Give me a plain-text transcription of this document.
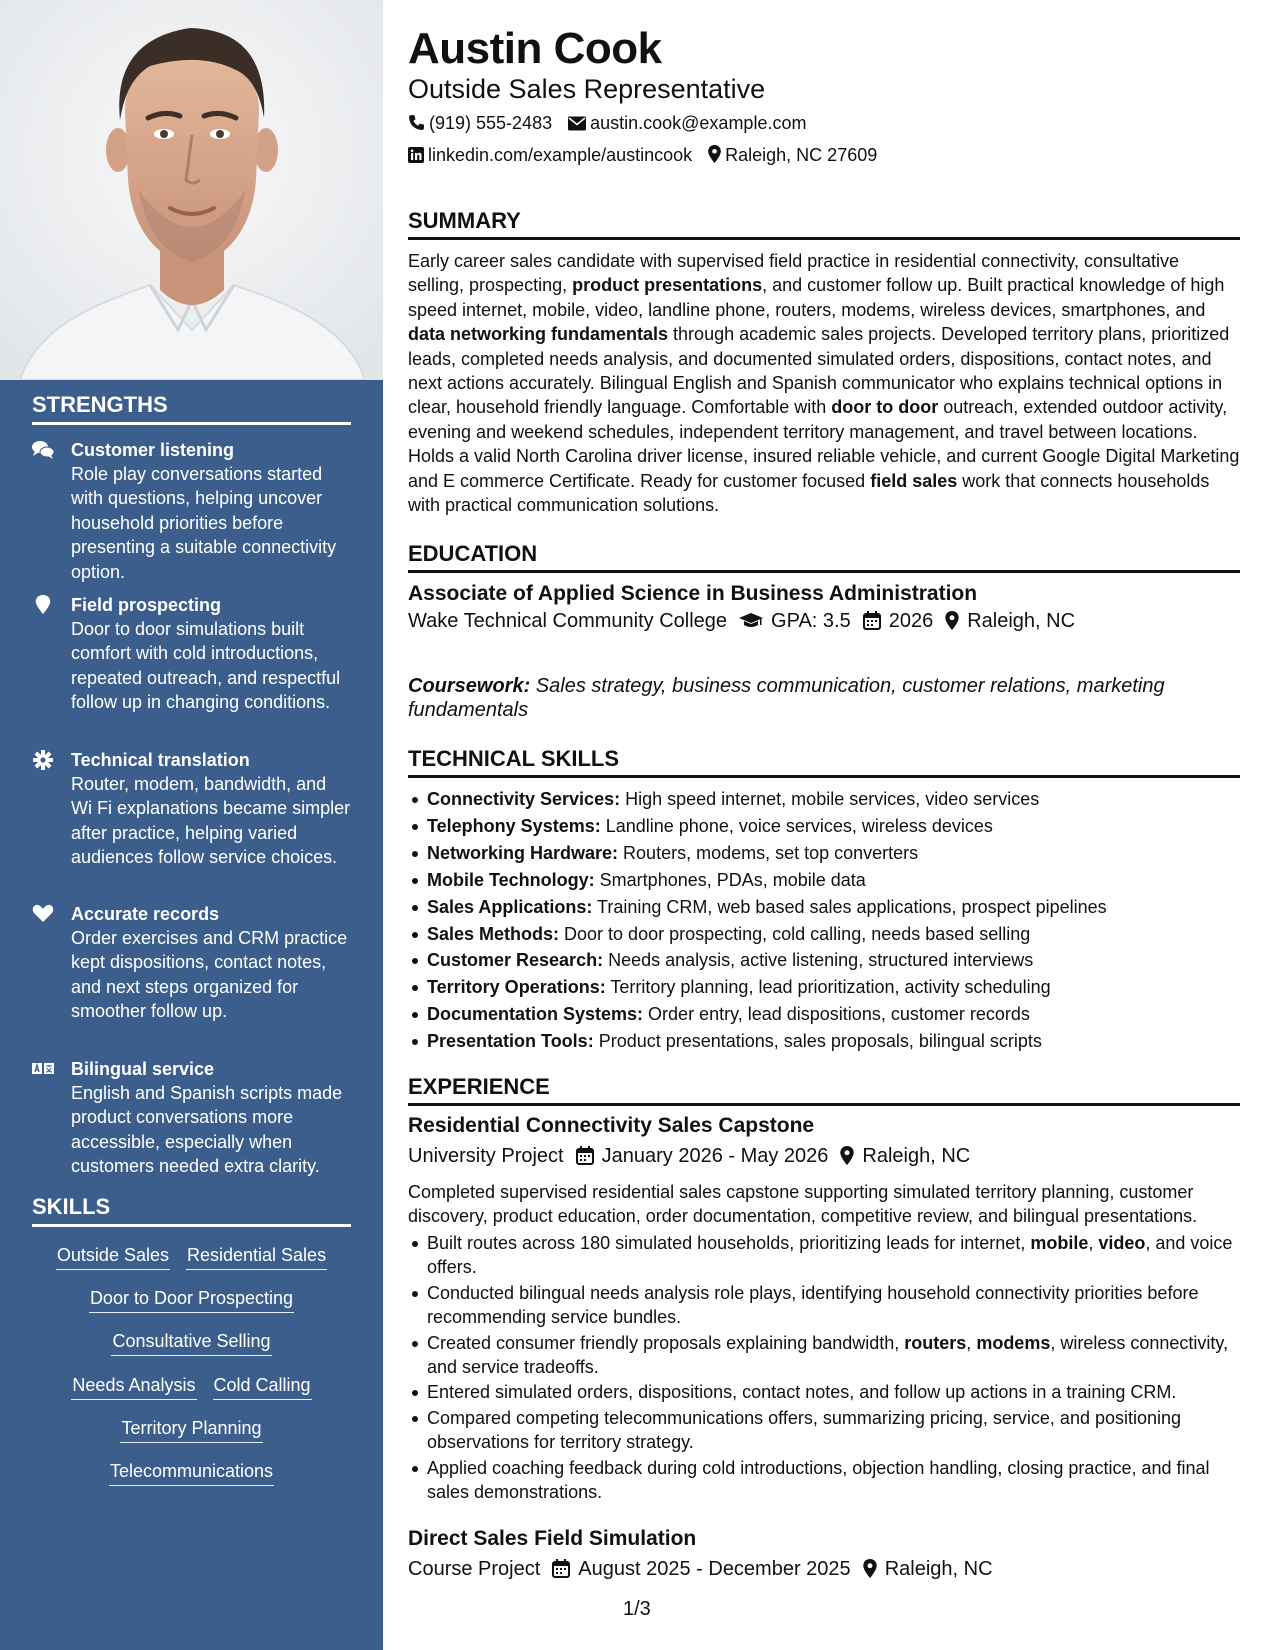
STRENGTHS
Customer listening
Role play conversations started with questions, helping uncover household priorities before presenting a suitable connectivity option.
Field prospecting
Door to door simulations built comfort with cold introductions, repeated outreach, and respectful follow up in changing conditions.
Technical translation
Router, modem, bandwidth, and Wi Fi explanations became simpler after practice, helping varied audiences follow service choices.
Accurate records
Order exercises and CRM practice kept dispositions, contact notes, and next steps organized for smoother follow up.
Bilingual service
English and Spanish scripts made product conversations more accessible, especially when customers needed extra clarity.
SKILLS
Outside Sales Residential Sales
Door to Door Prospecting
Consultative Selling
Needs Analysis Cold Calling
Territory Planning
Telecommunications
Austin Cook
Outside Sales Representative
(919) 555-2483 austin.cook@example.com
linkedin.com/example/austincook Raleigh, NC 27609
SUMMARY
Early career sales candidate with supervised field practice in residential connectivity, consultative selling, prospecting, product presentations, and customer follow up. Built practical knowledge of high speed internet, mobile, video, landline phone, routers, modems, wireless devices, smartphones, and data networking fundamentals through academic sales projects. Developed territory plans, prioritized leads, completed needs analysis, and documented simulated orders, dispositions, contact notes, and next actions accurately. Bilingual English and Spanish communicator who explains technical options in clear, household friendly language. Comfortable with door to door outreach, extended outdoor activity, evening and weekend schedules, independent territory management, and travel between locations. Holds a valid North Carolina driver license, insured reliable vehicle, and current Google Digital Marketing and E commerce Certificate. Ready for customer focused field sales work that connects households with practical communication solutions.
EDUCATION
Associate of Applied Science in Business Administration
Wake Technical Community College GPA: 3.5 2026 Raleigh, NC
Coursework: Sales strategy, business communication, customer relations, marketing fundamentals
TECHNICAL SKILLS
Connectivity Services: High speed internet, mobile services, video services
Telephony Systems: Landline phone, voice services, wireless devices
Networking Hardware: Routers, modems, set top converters
Mobile Technology: Smartphones, PDAs, mobile data
Sales Applications: Training CRM, web based sales applications, prospect pipelines
Sales Methods: Door to door prospecting, cold calling, needs based selling
Customer Research: Needs analysis, active listening, structured interviews
Territory Operations: Territory planning, lead prioritization, activity scheduling
Documentation Systems: Order entry, lead dispositions, customer records
Presentation Tools: Product presentations, sales proposals, bilingual scripts
EXPERIENCE
Residential Connectivity Sales Capstone
University Project January 2026 - May 2026 Raleigh, NC
Completed supervised residential sales capstone supporting simulated territory planning, customer discovery, product education, order documentation, competitive review, and bilingual presentations.
Built routes across 180 simulated households, prioritizing leads for internet, mobile, video, and voice offers.
Conducted bilingual needs analysis role plays, identifying household connectivity priorities before recommending service bundles.
Created consumer friendly proposals explaining bandwidth, routers, modems, wireless connectivity, and service tradeoffs.
Entered simulated orders, dispositions, contact notes, and follow up actions in a training CRM.
Compared competing telecommunications offers, summarizing pricing, service, and positioning observations for territory strategy.
Applied coaching feedback during cold introductions, objection handling, closing practice, and final sales demonstrations.
Direct Sales Field Simulation
Course Project August 2025 - December 2025 Raleigh, NC
1/3
